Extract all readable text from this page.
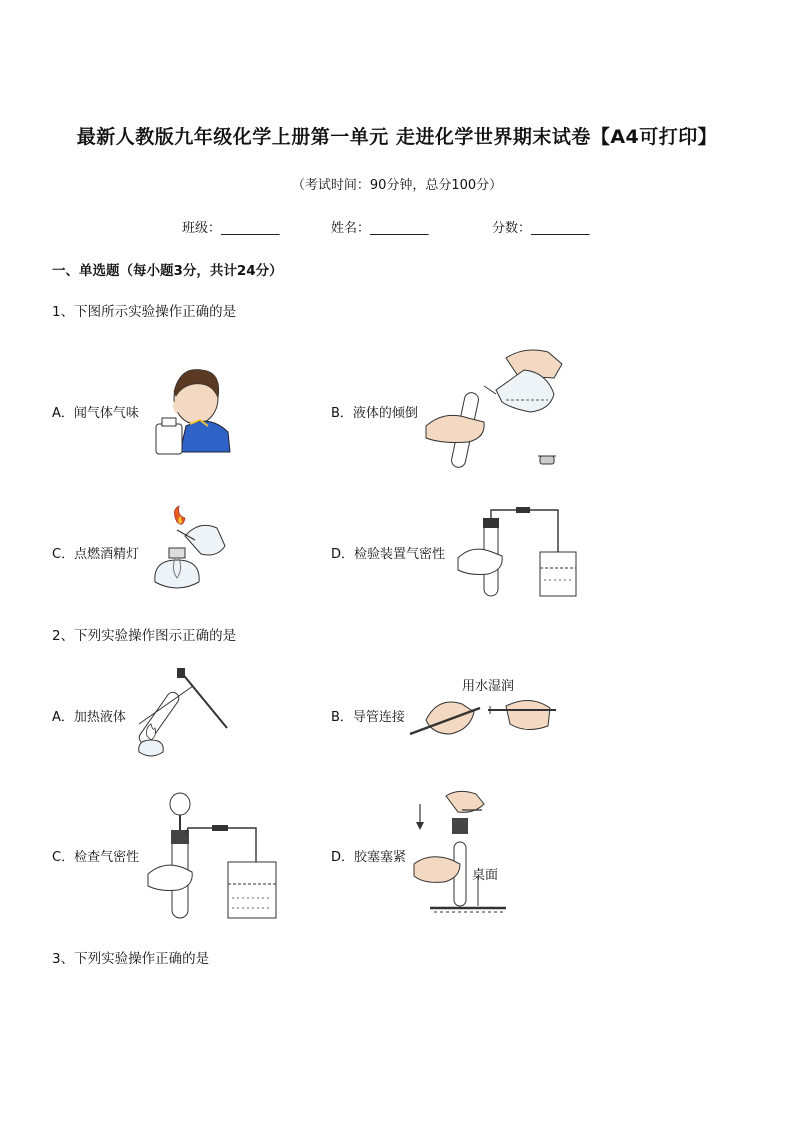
最新人教版九年级化学上册第一单元 走进化学世界期末试卷【A4可打印】
（考试时间：90分钟，总分100分）
班级：_________	姓名：_________	分数：_________
一、单选题（每小题3分，共计24分）
1、下图所示实验操作正确的是
A．闻气体气味	B．液体的倾倒
C．点燃酒精灯	D．检验装置气密性
2、下列实验操作图示正确的是
A．加热液体	B．导管连接
用水湿润
C．检查气密性	D．胶塞塞紧
桌面
3、下列实验操作正确的是
